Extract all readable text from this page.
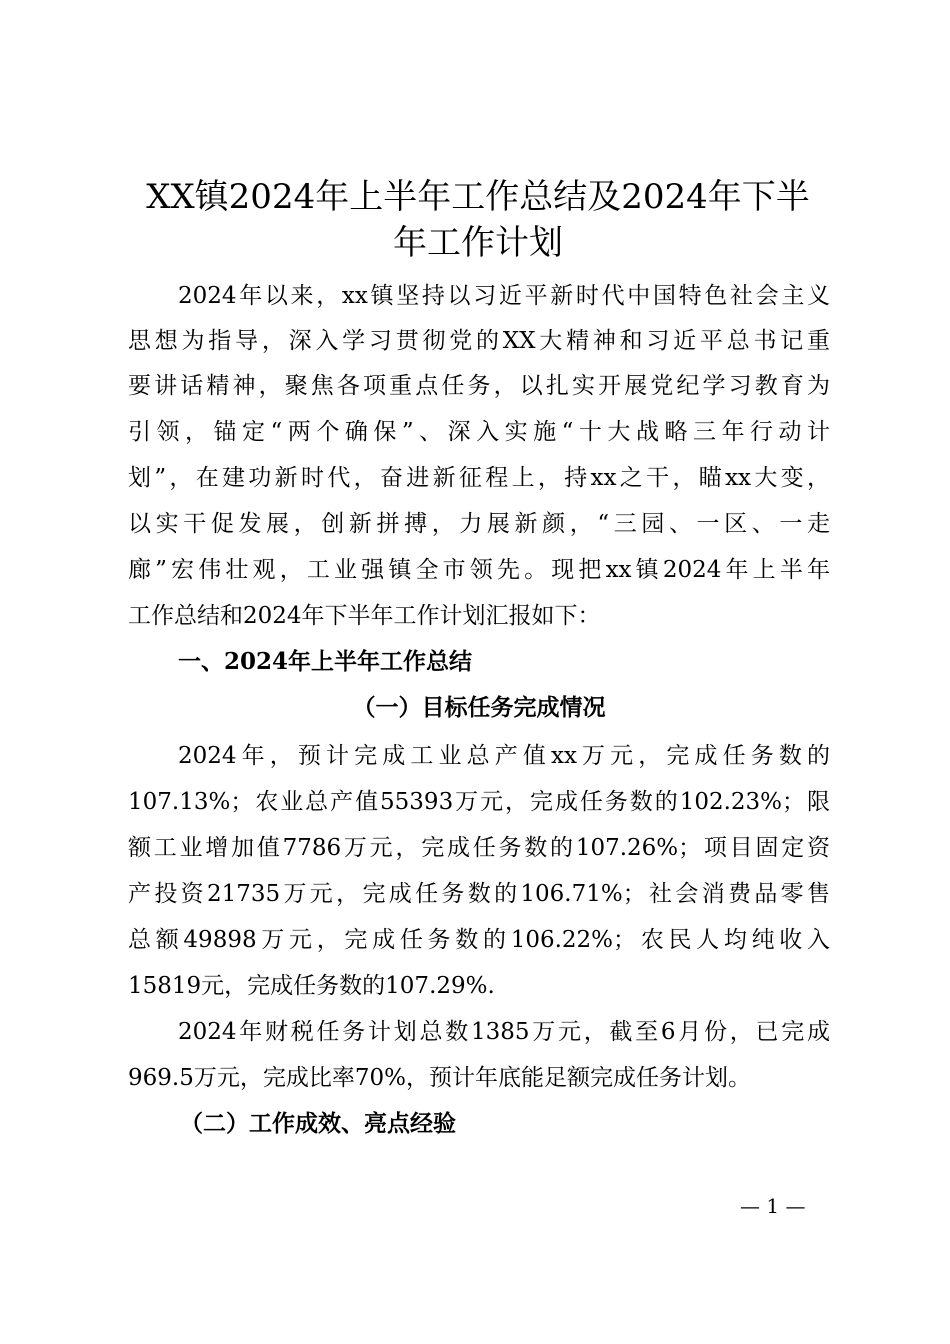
XX镇2024年上半年工作总结及2024年下半
年工作计划
2024年以来，xx镇坚持以习近平新时代中国特色社会主义
思想为指导，深入学习贯彻党的XX大精神和习近平总书记重
要讲话精神，聚焦各项重点任务，以扎实开展党纪学习教育为
引领，锚定“两个确保”、深入实施“十大战略三年行动计
划”，在建功新时代，奋进新征程上，持xx之干，瞄xx大变，
以实干促发展，创新拼搏，力展新颜，“三园、一区、一走
廊”宏伟壮观，工业强镇全市领先。现把xx镇2024年上半年
工作总结和2024年下半年工作计划汇报如下：
一、2024年上半年工作总结
（一）目标任务完成情况
2024年，预计完成工业总产值xx万元，完成任务数的
107.13%；农业总产值55393万元，完成任务数的102.23%；限
额工业增加值7786万元，完成任务数的107.26%；项目固定资
产投资21735万元，完成任务数的106.71%；社会消费品零售
总额49898万元，完成任务数的106.22%；农民人均纯收入
15819元，完成任务数的107.29%.
2024年财税任务计划总数1385万元，截至6月份，已完成
969.5万元，完成比率70%，预计年底能足额完成任务计划。
（二）工作成效、亮点经验
— 1 —
